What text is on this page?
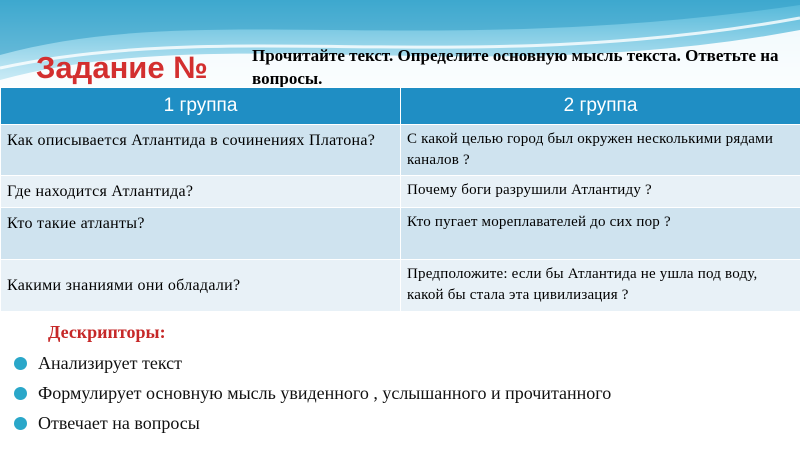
Задание №	Прочитайте текст. Определите основную мысль текста. Ответьте на вопросы.
1 группа	2 группа
Как описывается Атлантида в сочинениях Платона?	С какой целью город был окружен несколькими рядами каналов ?
Где находится Атлантида?	Почему боги разрушили Атлантиду ?
Кто такие атланты?	Кто пугает мореплавателей до сих пор ?
Какими знаниями они обладали?	Предположите: если бы Атлантида не ушла под воду, какой бы стала эта цивилизация ?
Дескрипторы:
Анализирует текст
Формулирует основную мысль увиденного , услышанного и прочитанного
Отвечает на вопросы
